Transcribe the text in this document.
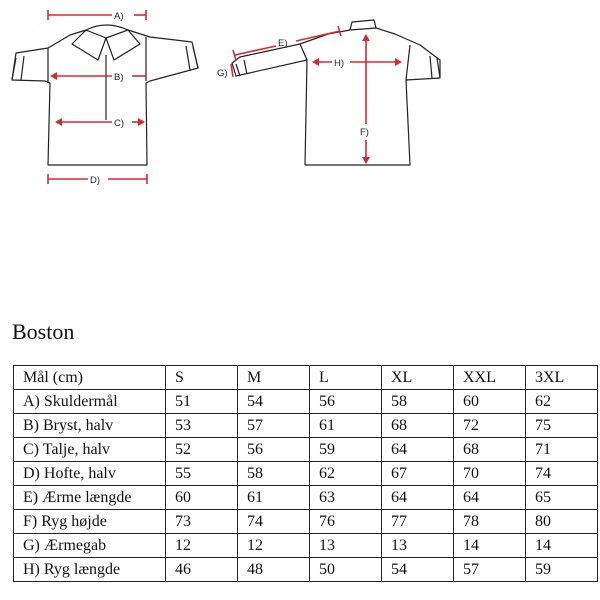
A)
B)
C)
D)
G)
E)
H)
F)
Boston
Mål (cm)	S	M	L	XL	XXL	3XL
A) Skuldermål	51	54	56	58	60	62
B) Bryst, halv	53	57	61	68	72	75
C) Talje, halv	52	56	59	64	68	71
D) Hofte, halv	55	58	62	67	70	74
E) Ærme længde	60	61	63	64	64	65
F) Ryg højde	73	74	76	77	78	80
G) Ærmegab	12	12	13	13	14	14
H) Ryg længde	46	48	50	54	57	59
